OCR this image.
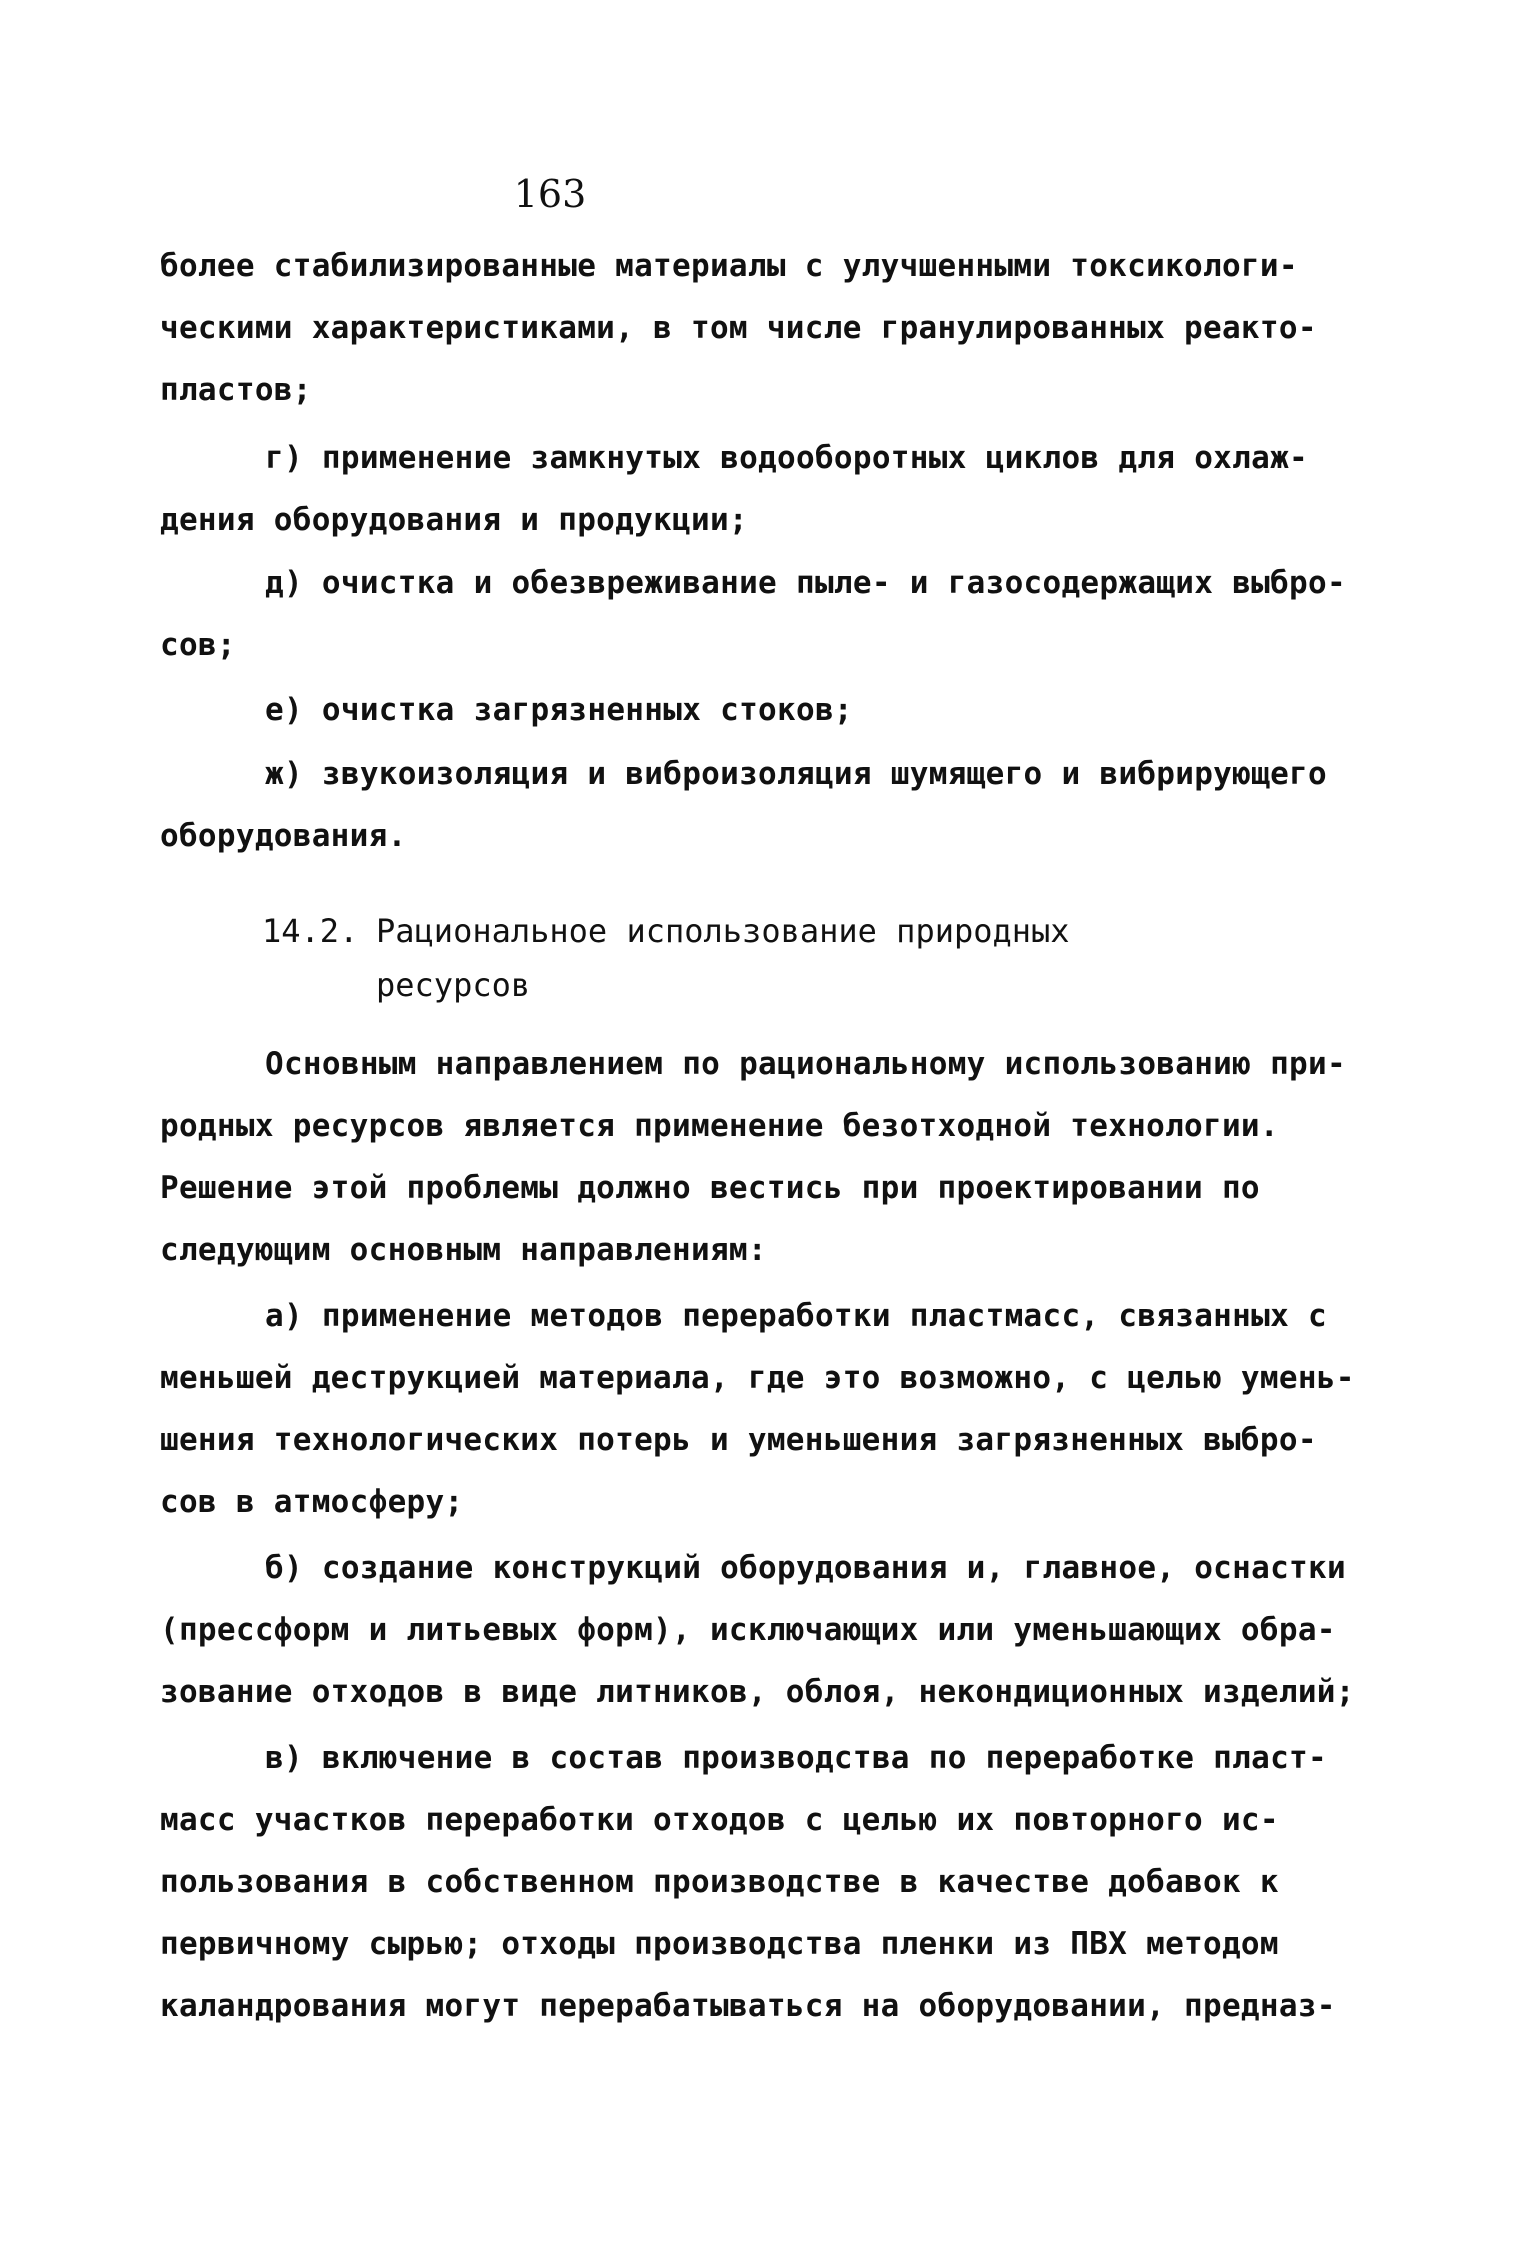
163
более стабилизированные материалы с улучшенными токсикологи-
ческими характеристиками, в том числе гранулированных реакто-
пластов;
г) применение замкнутых водооборотных циклов для охлаж-
дения оборудования и продукции;
д) очистка и обезвреживание пыле- и газосодержащих выбро-
сов;
е) очистка загрязненных стоков;
ж) звукоизоляция и виброизоляция шумящего и вибрирующего
оборудования.
14.2. Рациональное использование природных
ресурсов
Основным направлением по рациональному использованию при-
родных ресурсов является применение безотходной технологии.
Решение этой проблемы должно вестись при проектировании по
следующим основным направлениям:
а) применение методов переработки пластмасс, связанных с
меньшей деструкцией материала, где это возможно, с целью умень-
шения технологических потерь и уменьшения загрязненных выбро-
сов в атмосферу;
б) создание конструкций оборудования и, главное, оснастки
(прессформ и литьевых форм), исключающих или уменьшающих обра-
зование отходов в виде литников, облоя, некондиционных изделий;
в) включение в состав производства по переработке пласт-
масс участков переработки отходов с целью их повторного ис-
пользования в собственном производстве в качестве добавок к
первичному сырью; отходы производства пленки из ПВХ методом
каландрования могут перерабатываться на оборудовании, предназ-
